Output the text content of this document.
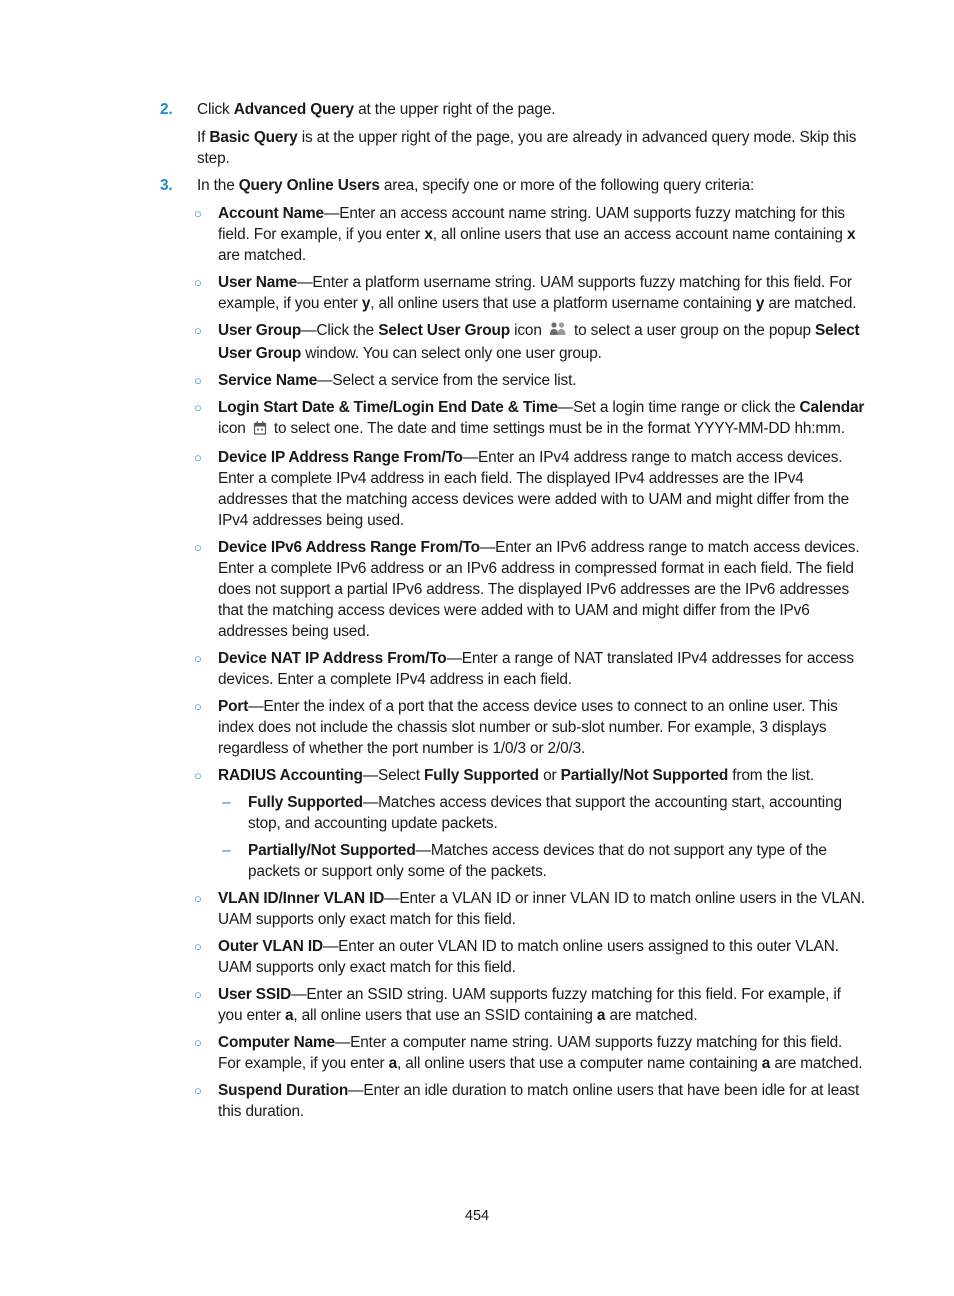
2. Click Advanced Query at the upper right of the page.
If Basic Query is at the upper right of the page, you are already in advanced query mode. Skip this step.
3. In the Query Online Users area, specify one or more of the following query criteria:
○ Account Name—Enter an access account name string. UAM supports fuzzy matching for this field. For example, if you enter x, all online users that use an access account name containing x are matched.
○ User Name—Enter a platform username string. UAM supports fuzzy matching for this field. For example, if you enter y, all online users that use a platform username containing y are matched.
○ User Group—Click the Select User Group icon  to select a user group on the popup Select User Group window. You can select only one user group.
○ Service Name—Select a service from the service list.
○ Login Start Date & Time/Login End Date & Time—Set a login time range or click the Calendar icon  to select one. The date and time settings must be in the format YYYY-MM-DD hh:mm.
○ Device IP Address Range From/To—Enter an IPv4 address range to match access devices. Enter a complete IPv4 address in each field. The displayed IPv4 addresses are the IPv4 addresses that the matching access devices were added with to UAM and might differ from the IPv4 addresses being used.
○ Device IPv6 Address Range From/To—Enter an IPv6 address range to match access devices. Enter a complete IPv6 address or an IPv6 address in compressed format in each field. The field does not support a partial IPv6 address. The displayed IPv6 addresses are the IPv6 addresses that the matching access devices were added with to UAM and might differ from the IPv6 addresses being used.
○ Device NAT IP Address From/To—Enter a range of NAT translated IPv4 addresses for access devices. Enter a complete IPv4 address in each field.
○ Port—Enter the index of a port that the access device uses to connect to an online user. This index does not include the chassis slot number or sub-slot number. For example, 3 displays regardless of whether the port number is 1/0/3 or 2/0/3.
○ RADIUS Accounting—Select Fully Supported or Partially/Not Supported from the list.
– Fully Supported—Matches access devices that support the accounting start, accounting stop, and accounting update packets.
– Partially/Not Supported—Matches access devices that do not support any type of the packets or support only some of the packets.
○ VLAN ID/Inner VLAN ID—Enter a VLAN ID or inner VLAN ID to match online users in the VLAN. UAM supports only exact match for this field.
○ Outer VLAN ID—Enter an outer VLAN ID to match online users assigned to this outer VLAN. UAM supports only exact match for this field.
○ User SSID—Enter an SSID string. UAM supports fuzzy matching for this field. For example, if you enter a, all online users that use an SSID containing a are matched.
○ Computer Name—Enter a computer name string. UAM supports fuzzy matching for this field. For example, if you enter a, all online users that use a computer name containing a are matched.
○ Suspend Duration—Enter an idle duration to match online users that have been idle for at least this duration.
454
